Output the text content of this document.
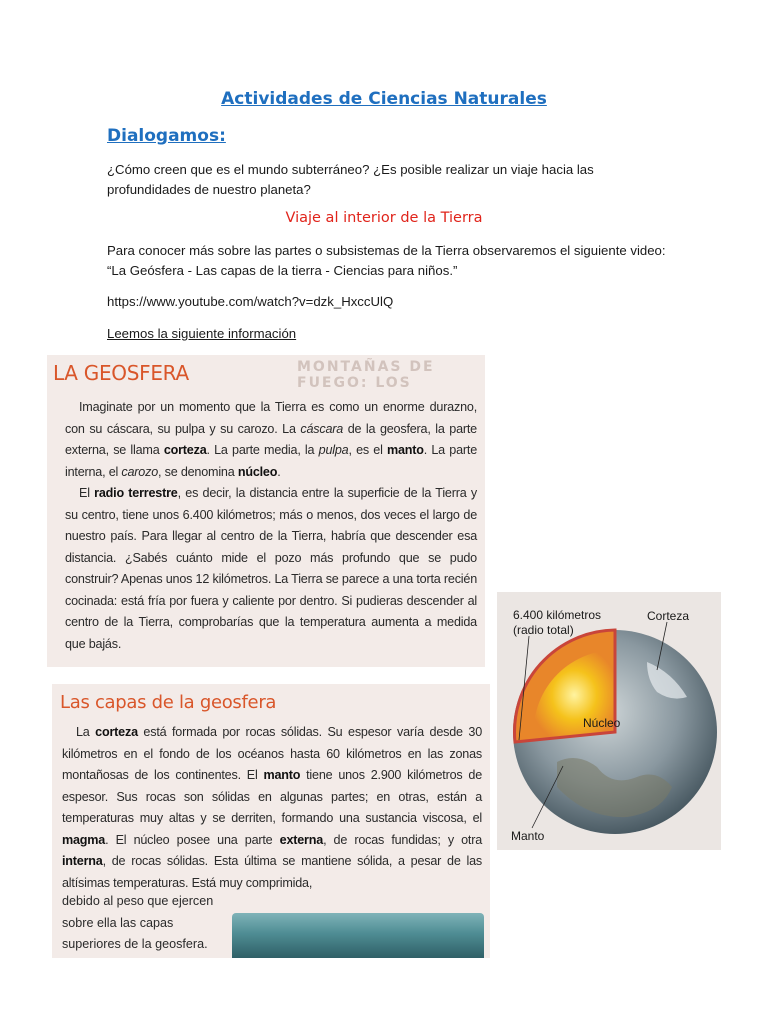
Actividades de Ciencias Naturales
Dialogamos:
¿Cómo creen que es el mundo subterráneo? ¿Es posible realizar un viaje hacia las profundidades de nuestro planeta?
Viaje al interior de la Tierra
Para conocer más sobre las partes o subsistemas de la Tierra observaremos el siguiente video: “La Geósfera - Las capas de la tierra - Ciencias para niños.”
https://www.youtube.com/watch?v=dzk_HxccUlQ
Leemos la siguiente información
MONTAÑAS DE FUEGO: LOS
LA GEOSFERA
Imaginate por un momento que la Tierra es como un enorme durazno, con su cáscara, su pulpa y su carozo. La cáscara de la geosfera, la parte externa, se llama corteza. La parte media, la pulpa, es el manto. La parte interna, el carozo, se denomina núcleo.
El radio terrestre, es decir, la distancia entre la superficie de la Tierra y su centro, tiene unos 6.400 kilómetros; más o menos, dos veces el largo de nuestro país. Para llegar al centro de la Tierra, habría que descender esa distancia. ¿Sabés cuánto mide el pozo más profundo que se pudo construir? Apenas unos 12 kilómetros. La Tierra se parece a una torta recién cocinada: está fría por fuera y caliente por dentro. Si pudieras descender al centro de la Tierra, comprobarías que la temperatura aumenta a medida que bajás.
Las capas de la geosfera
La corteza está formada por rocas sólidas. Su espesor varía desde 30 kilómetros en el fondo de los océanos hasta 60 kilómetros en las zonas montañosas de los continentes. El manto tiene unos 2.900 kilómetros de espesor. Sus rocas son sólidas en algunas partes; en otras, están a temperaturas muy altas y se derriten, formando una sustancia viscosa, el magma. El núcleo posee una parte externa, de rocas fundidas; y otra interna, de rocas sólidas. Esta última se mantiene sólida, a pesar de las altísimas temperaturas. Está muy comprimida,
debido al peso que ejercen sobre ella las capas superiores de la geosfera.
6.400 kilómetros
(radio total)
Corteza
Núcleo
Manto
